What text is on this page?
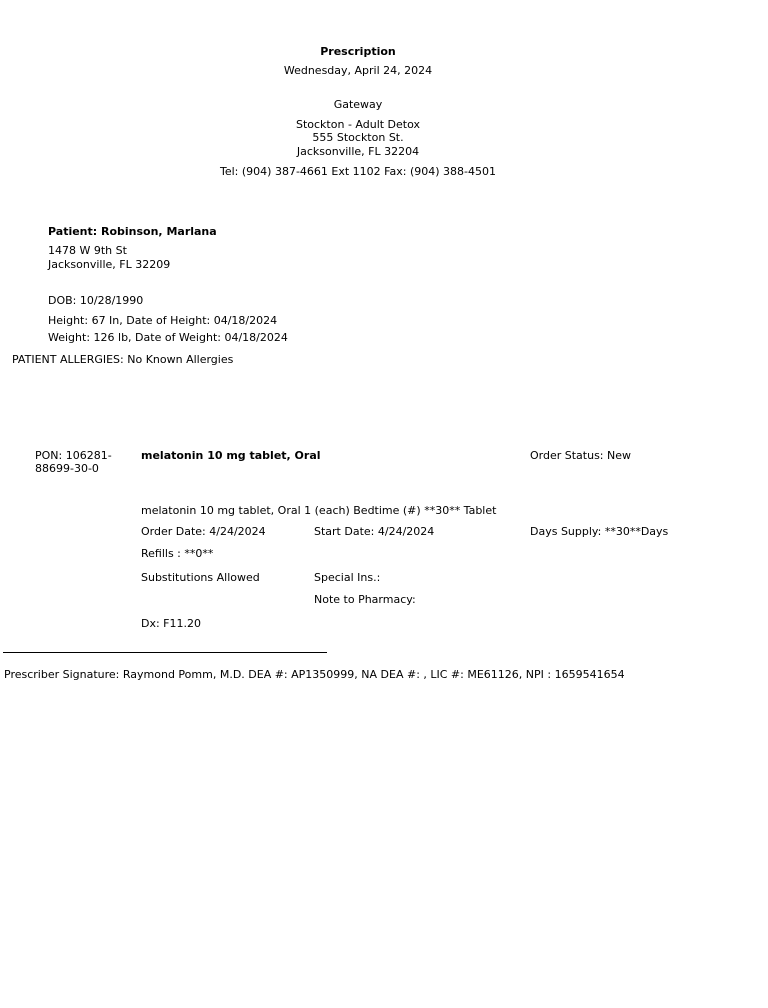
Prescription
Wednesday, April 24, 2024
Gateway
Stockton - Adult Detox
555 Stockton St.
Jacksonville, FL 32204
Tel: (904) 387-4661 Ext 1102 Fax: (904) 388-4501
Patient: Robinson, Marlana
1478 W 9th St
Jacksonville, FL 32209
DOB: 10/28/1990
Height: 67 In, Date of Height: 04/18/2024
Weight: 126 lb, Date of Weight: 04/18/2024
PATIENT ALLERGIES: No Known Allergies
PON: 106281-
88699-30-0
melatonin 10 mg tablet, Oral	Order Status: New
melatonin 10 mg tablet, Oral 1 (each) Bedtime (#) **30** Tablet
Order Date: 4/24/2024	Start Date: 4/24/2024	Days Supply: **30**Days
Refills : **0**
Substitutions Allowed	Special Ins.:
Note to Pharmacy:
Dx: F11.20
Prescriber Signature: Raymond Pomm, M.D. DEA #: AP1350999, NA DEA #: , LIC #: ME61126, NPI : 1659541654
